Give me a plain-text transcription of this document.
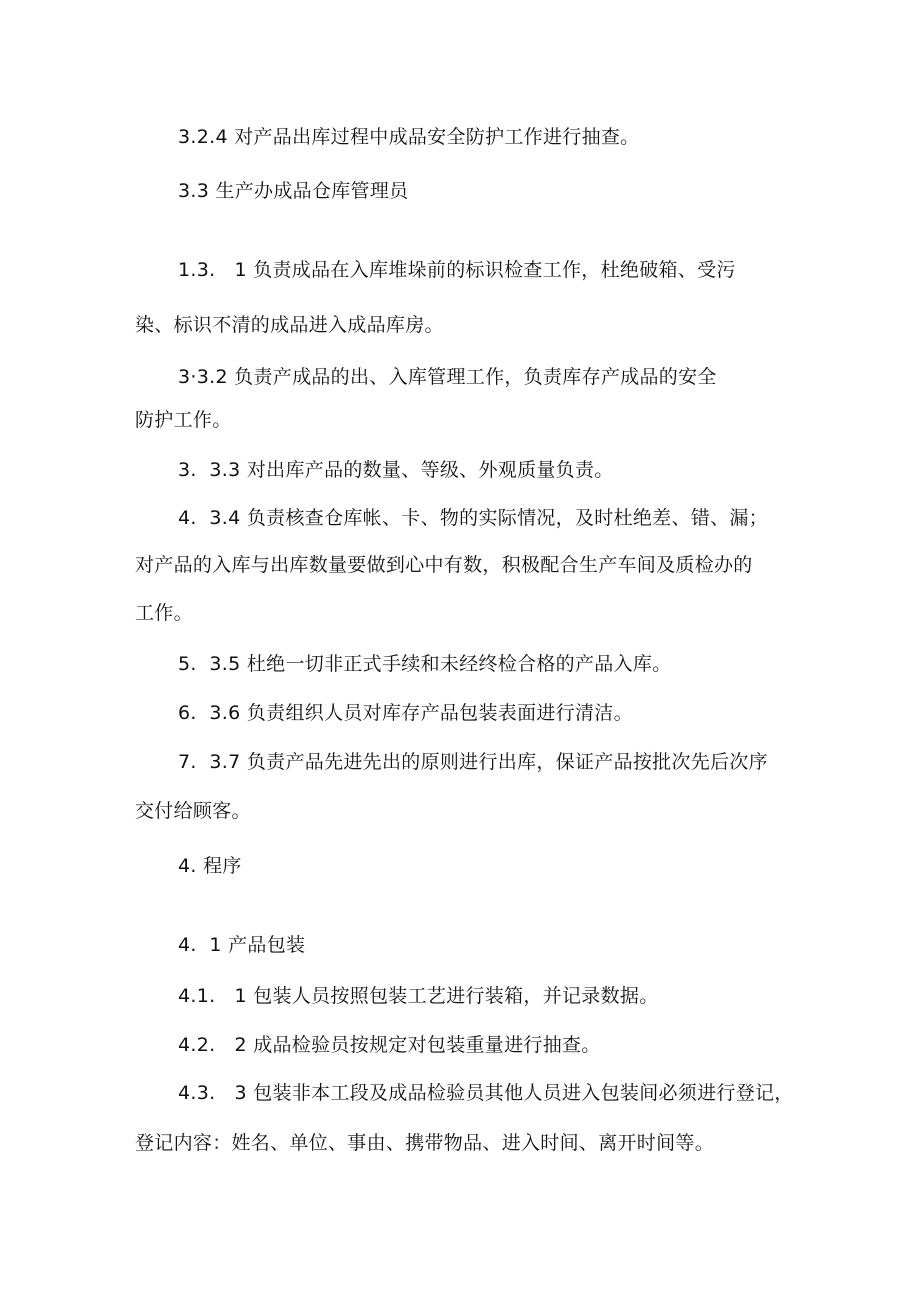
3.2.4 对产品出库过程中成品安全防护工作进行抽查。
3.3 生产办成品仓库管理员
1.3.   1 负责成品在入库堆垛前的标识检查工作，杜绝破箱、受污
染、标识不清的成品进入成品库房。
3·3.2 负责产成品的出、入库管理工作，负责库存产成品的安全
防护工作。
3.  3.3 对出库产品的数量、等级、外观质量负责。
4.  3.4 负责核查仓库帐、卡、物的实际情况，及时杜绝差、错、漏；
对产品的入库与出库数量要做到心中有数，积极配合生产车间及质检办的
工作。
5.  3.5 杜绝一切非正式手续和未经终检合格的产品入库。
6.  3.6 负责组织人员对库存产品包装表面进行清洁。
7.  3.7 负责产品先进先出的原则进行出库，保证产品按批次先后次序
交付给顾客。
4. 程序
4.  1 产品包装
4.1.   1 包装人员按照包装工艺进行装箱，并记录数据。
4.2.   2 成品检验员按规定对包装重量进行抽查。
4.3.   3 包装非本工段及成品检验员其他人员进入包装间必须进行登记，
登记内容：姓名、单位、事由、携带物品、进入时间、离开时间等。
